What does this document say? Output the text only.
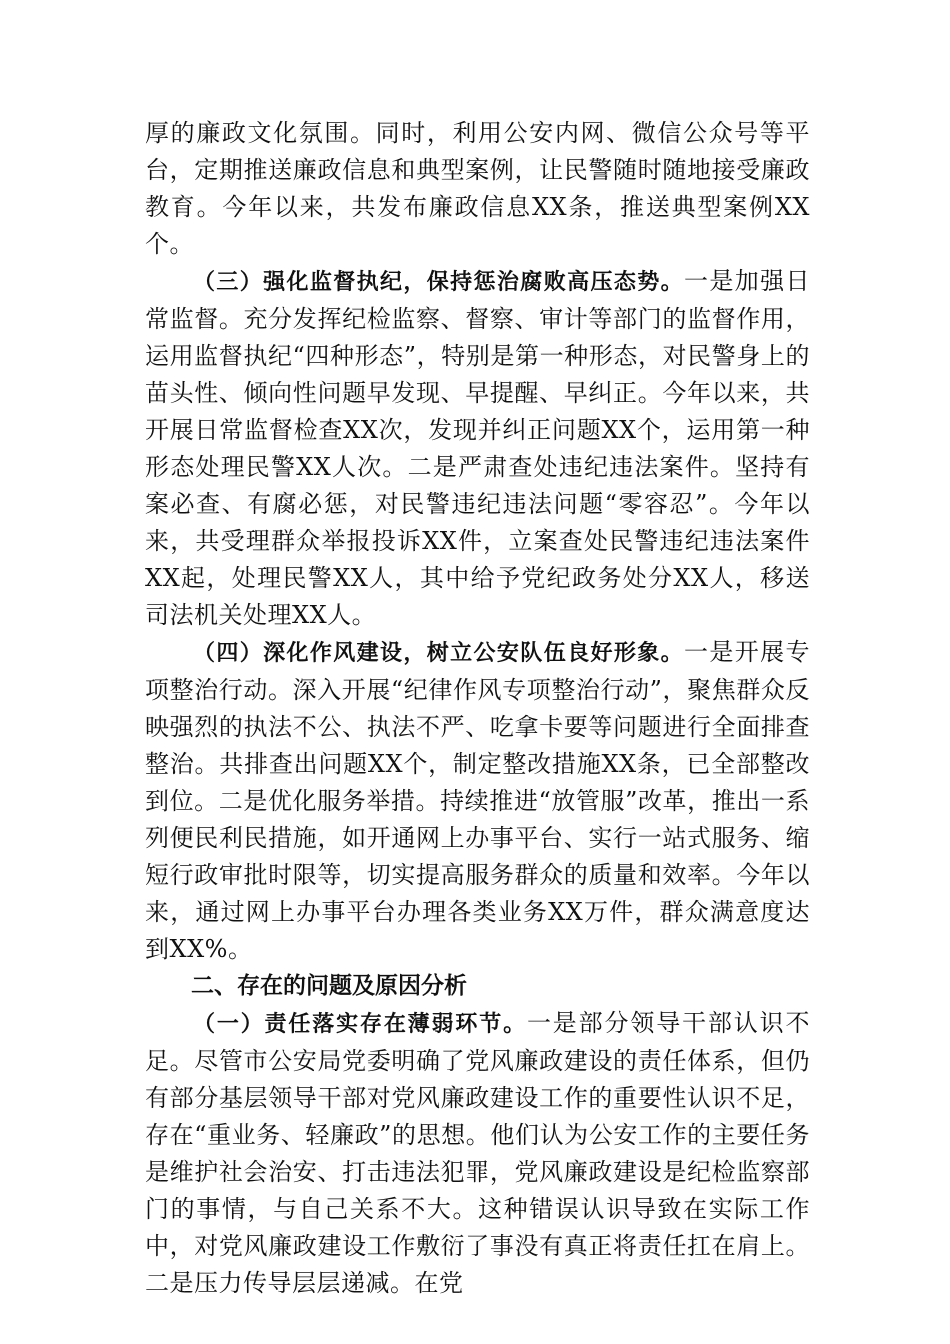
厚的廉政文化氛围。同时，利用公安内网、微信公众号等平台，定期推送廉政信息和典型案例，让民警随时随地接受廉政教育。今年以来，共发布廉政信息XX条，推送典型案例XX个。

（三）强化监督执纪，保持惩治腐败高压态势。一是加强日常监督。充分发挥纪检监察、督察、审计等部门的监督作用，运用监督执纪“四种形态”，特别是第一种形态，对民警身上的苗头性、倾向性问题早发现、早提醒、早纠正。今年以来，共开展日常监督检查XX次，发现并纠正问题XX个，运用第一种形态处理民警XX人次。二是严肃查处违纪违法案件。坚持有案必查、有腐必惩，对民警违纪违法问题“零容忍”。今年以来，共受理群众举报投诉XX件，立案查处民警违纪违法案件XX起，处理民警XX人，其中给予党纪政务处分XX人，移送司法机关处理XX人。

（四）深化作风建设，树立公安队伍良好形象。一是开展专项整治行动。深入开展“纪律作风专项整治行动”，聚焦群众反映强烈的执法不公、执法不严、吃拿卡要等问题进行全面排查整治。共排查出问题XX个，制定整改措施XX条，已全部整改到位。二是优化服务举措。持续推进“放管服”改革，推出一系列便民利民措施，如开通网上办事平台、实行一站式服务、缩短行政审批时限等，切实提高服务群众的质量和效率。今年以来，通过网上办事平台办理各类业务XX万件，群众满意度达到XX%。

二、存在的问题及原因分析

（一）责任落实存在薄弱环节。一是部分领导干部认识不足。尽管市公安局党委明确了党风廉政建设的责任体系，但仍有部分基层领导干部对党风廉政建设工作的重要性认识不足，存在“重业务、轻廉政”的思想。他们认为公安工作的主要任务是维护社会治安、打击违法犯罪，党风廉政建设是纪检监察部门的事情，与自己关系不大。这种错误认识导致在实际工作中，对党风廉政建设工作敷衍了事没有真正将责任扛在肩上。二是压力传导层层递减。在党
